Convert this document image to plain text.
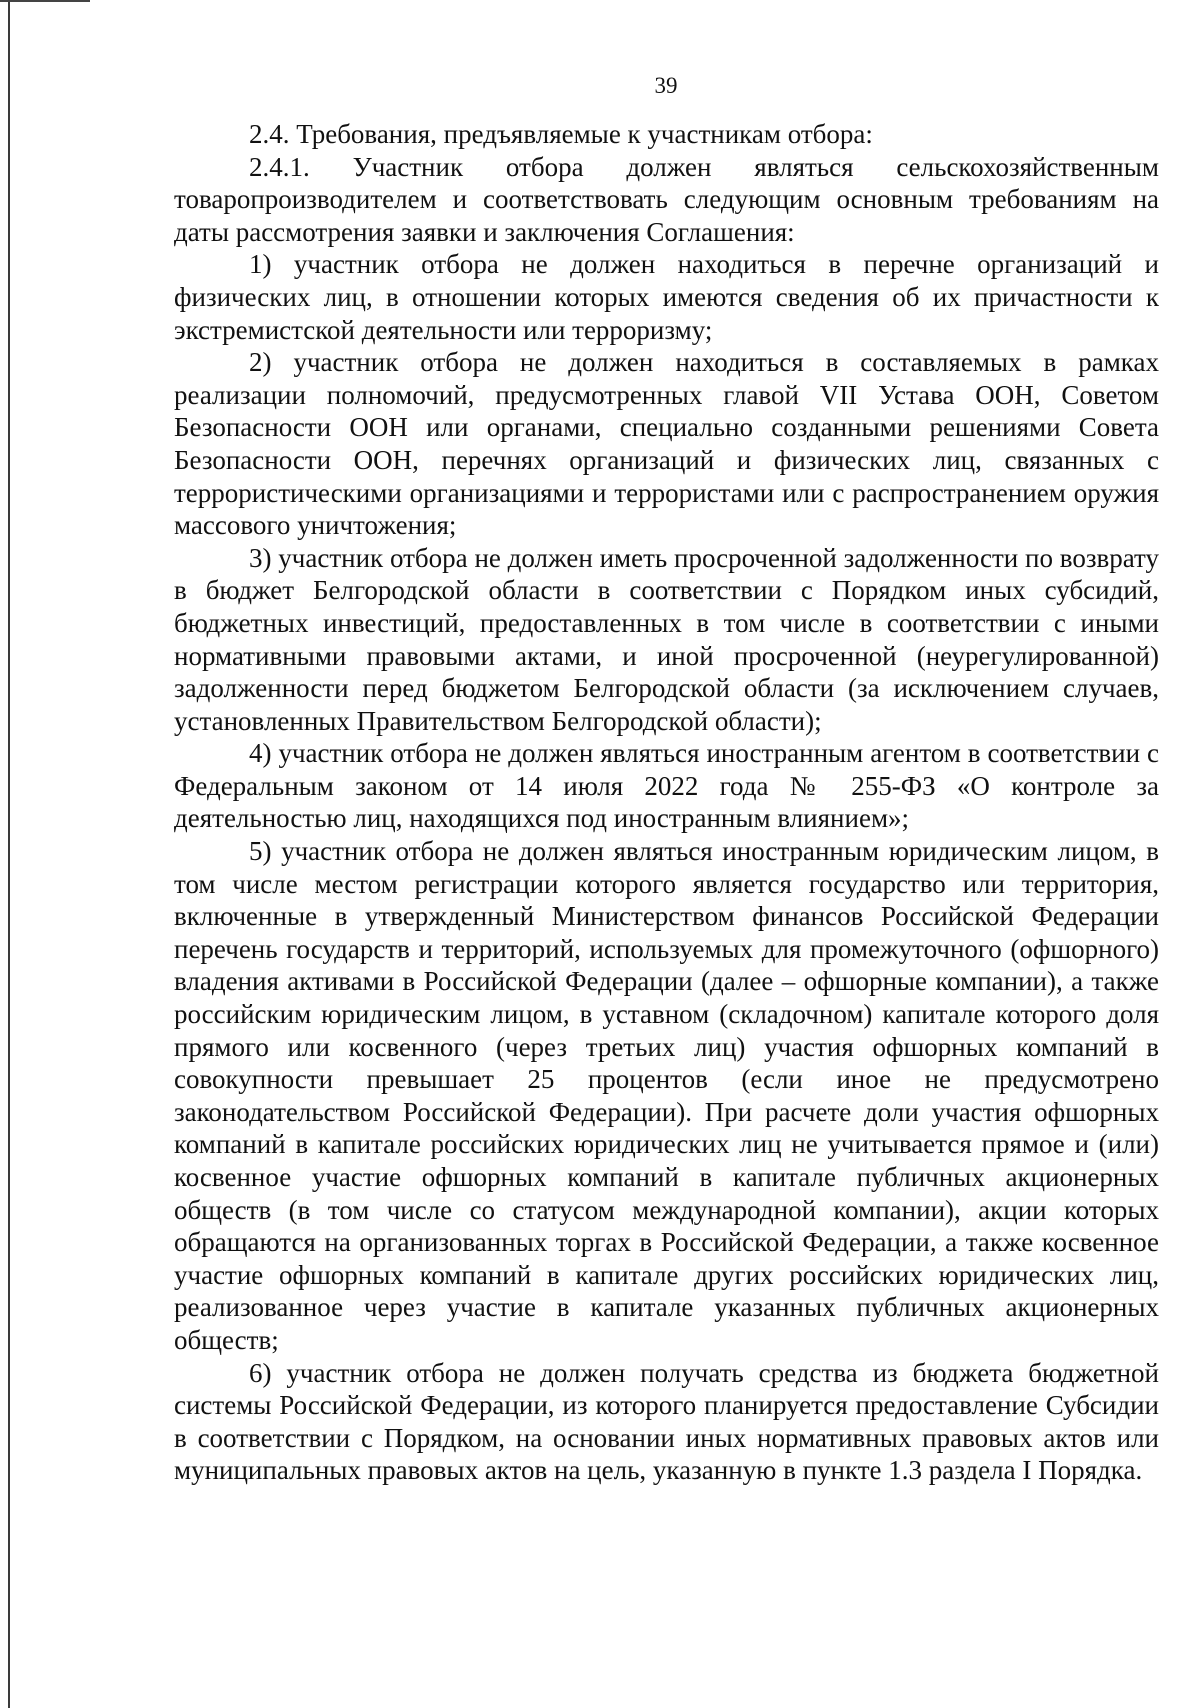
39

2.4. Требования, предъявляемые к участникам отбора:

2.4.1. Участник отбора должен являться сельскохозяйственным товаропроизводителем и соответствовать следующим основным требованиям на даты рассмотрения заявки и заключения Соглашения:

1) участник отбора не должен находиться в перечне организаций и физических лиц, в отношении которых имеются сведения об их причастности к экстремистской деятельности или терроризму;

2) участник отбора не должен находиться в составляемых в рамках реализации полномочий, предусмотренных главой VII Устава ООН, Советом Безопасности ООН или органами, специально созданными решениями Совета Безопасности ООН, перечнях организаций и физических лиц, связанных с террористическими организациями и террористами или с распространением оружия массового уничтожения;

3) участник отбора не должен иметь просроченной задолженности по возврату в бюджет Белгородской области в соответствии с Порядком иных субсидий, бюджетных инвестиций, предоставленных в том числе в соответствии с иными нормативными правовыми актами, и иной просроченной (неурегулированной) задолженности перед бюджетом Белгородской области (за исключением случаев, установленных Правительством Белгородской области);

4) участник отбора не должен являться иностранным агентом в соответствии с Федеральным законом от 14 июля 2022 года № 255-ФЗ «О контроле за деятельностью лиц, находящихся под иностранным влиянием»;

5) участник отбора не должен являться иностранным юридическим лицом, в том числе местом регистрации которого является государство или территория, включенные в утвержденный Министерством финансов Российской Федерации перечень государств и территорий, используемых для промежуточного (офшорного) владения активами в Российской Федерации (далее – офшорные компании), а также российским юридическим лицом, в уставном (складочном) капитале которого доля прямого или косвенного (через третьих лиц) участия офшорных компаний в совокупности превышает 25 процентов (если иное не предусмотрено законодательством Российской Федерации). При расчете доли участия офшорных компаний в капитале российских юридических лиц не учитывается прямое и (или) косвенное участие офшорных компаний в капитале публичных акционерных обществ (в том числе со статусом международной компании), акции которых обращаются на организованных торгах в Российской Федерации, а также косвенное участие офшорных компаний в капитале других российских юридических лиц, реализованное через участие в капитале указанных публичных акционерных обществ;

6) участник отбора не должен получать средства из бюджета бюджетной системы Российской Федерации, из которого планируется предоставление Субсидии в соответствии с Порядком, на основании иных нормативных правовых актов или муниципальных правовых актов на цель, указанную в пункте 1.3 раздела I Порядка.
